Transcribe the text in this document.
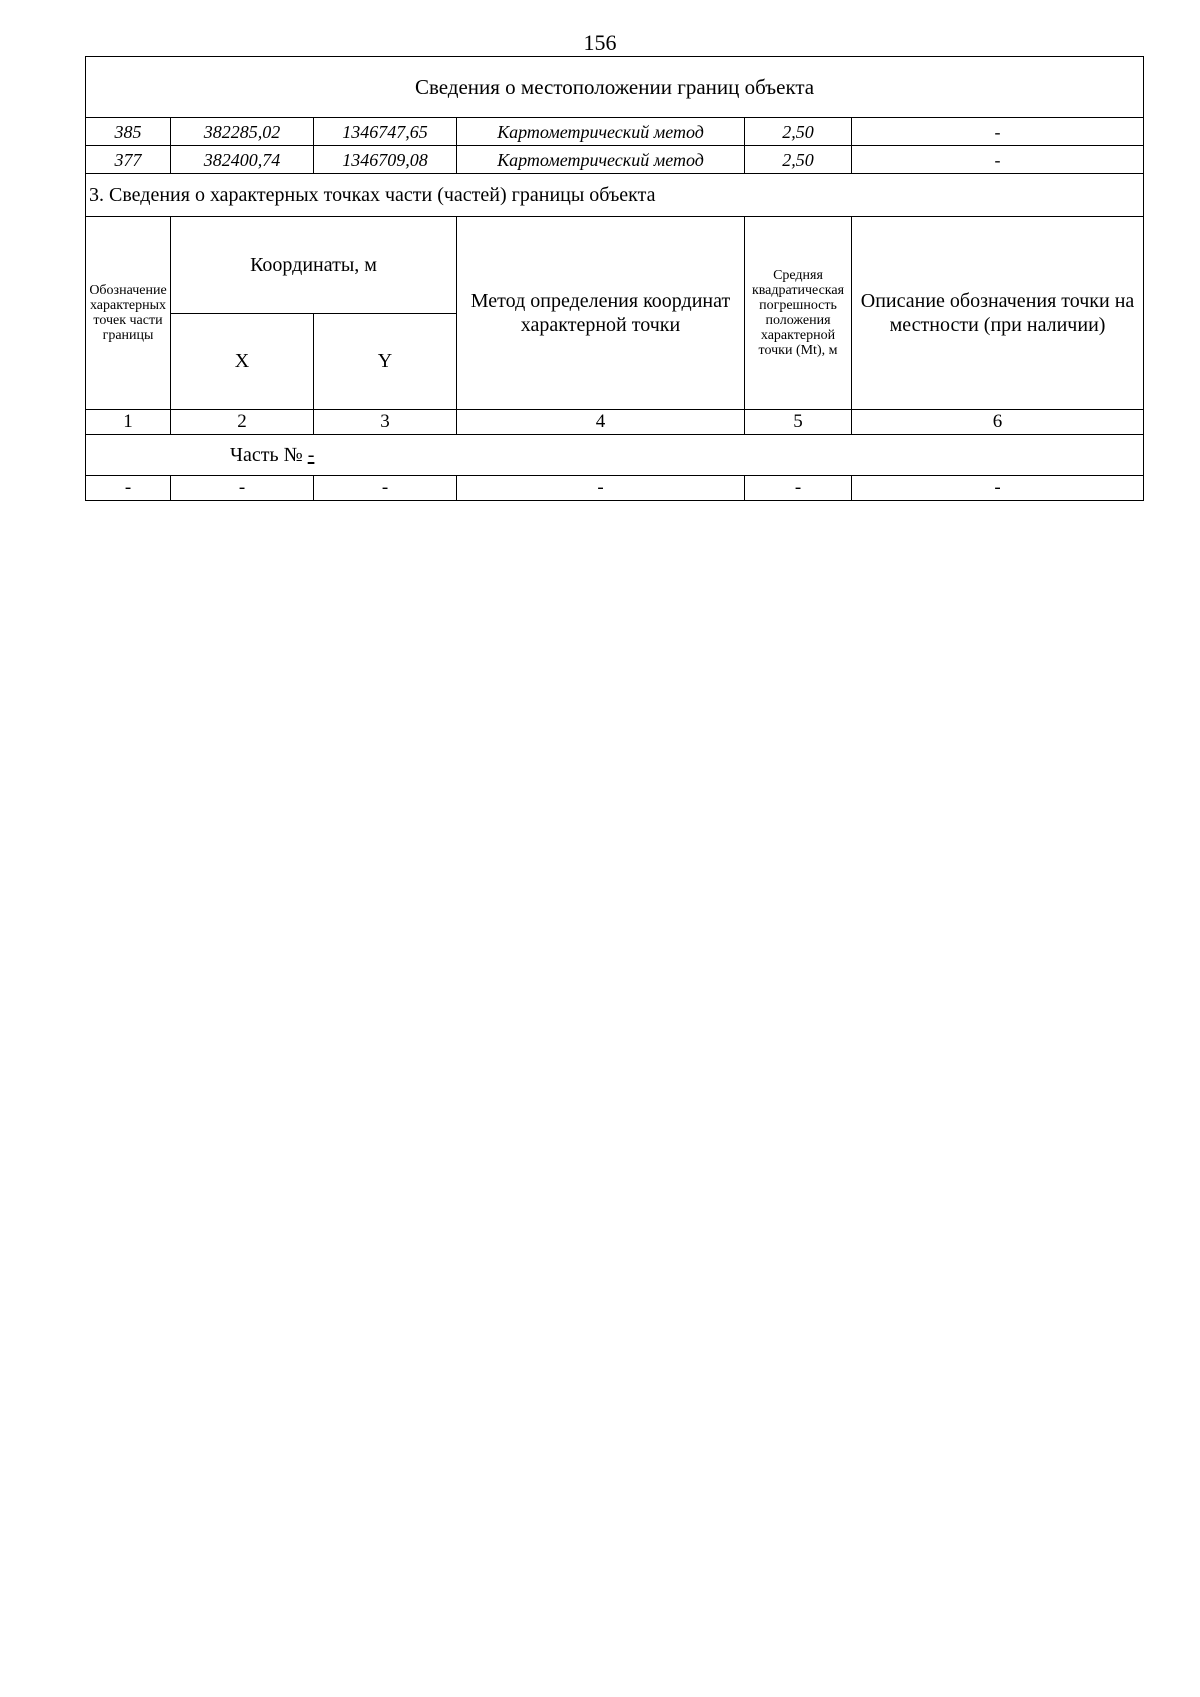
156
Сведения о местоположении границ объекта					
385	382285,02	1346747,65	Картометрический метод	2,50	-
377	382400,74	1346709,08	Картометрический метод	2,50	-
3. Сведения о характерных точках части (частей) границы объекта					
Обозначение характерных точек части границы	Координаты, м		Метод определения координат характерной точки	Средняя квадратическая погрешность положения характерной точки (Mt), м	Описание обозначения точки на местности (при наличии)
	X	Y			
1	2	3	4	5	6
Часть № -					
-	-	-	-	-	-
